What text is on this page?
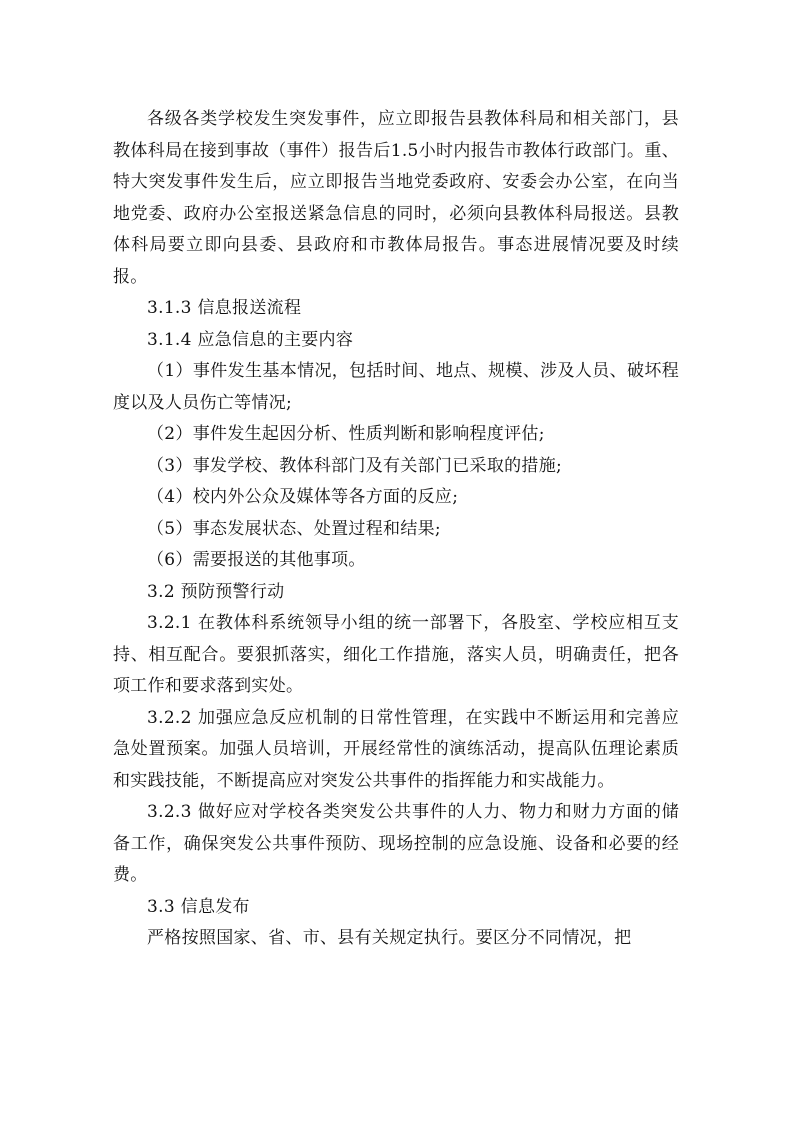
各级各类学校发生突发事件，应立即报告县教体科局和相关部门，县教体科局在接到事故（事件）报告后1.5小时内报告市教体行政部门。重、特大突发事件发生后，应立即报告当地党委政府、安委会办公室，在向当地党委、政府办公室报送紧急信息的同时，必须向县教体科局报送。县教体科局要立即向县委、县政府和市教体局报告。事态进展情况要及时续报。

3.1.3 信息报送流程

3.1.4 应急信息的主要内容

（1）事件发生基本情况，包括时间、地点、规模、涉及人员、破坏程度以及人员伤亡等情况;

（2）事件发生起因分析、性质判断和影响程度评估;

（3）事发学校、教体科部门及有关部门已采取的措施;

（4）校内外公众及媒体等各方面的反应;

（5）事态发展状态、处置过程和结果;

（6）需要报送的其他事项。

3.2 预防预警行动

3.2.1 在教体科系统领导小组的统一部署下，各股室、学校应相互支持、相互配合。要狠抓落实，细化工作措施，落实人员，明确责任，把各项工作和要求落到实处。

3.2.2 加强应急反应机制的日常性管理，在实践中不断运用和完善应急处置预案。加强人员培训，开展经常性的演练活动，提高队伍理论素质和实践技能，不断提高应对突发公共事件的指挥能力和实战能力。

3.2.3 做好应对学校各类突发公共事件的人力、物力和财力方面的储备工作，确保突发公共事件预防、现场控制的应急设施、设备和必要的经费。

3.3 信息发布

严格按照国家、省、市、县有关规定执行。要区分不同情况，把
